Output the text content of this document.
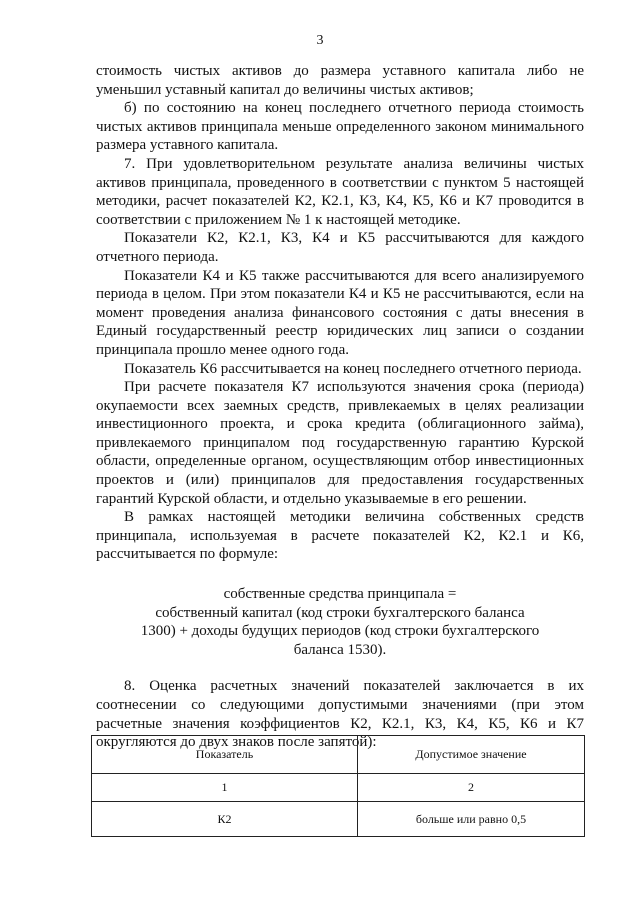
3

стоимость чистых активов до размера уставного капитала либо не уменьшил уставный капитал до величины чистых активов;

б) по состоянию на конец последнего отчетного периода стоимость чистых активов принципала меньше определенного законом минимального размера уставного капитала.

7. При удовлетворительном результате анализа величины чистых активов принципала, проведенного в соответствии с пунктом 5 настоящей методики, расчет показателей К2, К2.1, К3, К4, К5, К6 и К7 проводится в соответствии с приложением № 1 к настоящей методике.

Показатели К2, К2.1, К3, К4 и К5 рассчитываются для каждого отчетного периода.

Показатели К4 и К5 также рассчитываются для всего анализируемого периода в целом. При этом показатели К4 и К5 не рассчитываются, если на момент проведения анализа финансового состояния с даты внесения в Единый государственный реестр юридических лиц записи о создании принципала прошло менее одного года.

Показатель К6 рассчитывается на конец последнего отчетного периода.

При расчете показателя К7 используются значения срока (периода) окупаемости всех заемных средств, привлекаемых в целях реализации инвестиционного проекта, и срока кредита (облигационного займа), привлекаемого принципалом под государственную гарантию Курской области, определенные органом, осуществляющим отбор инвестиционных проектов и (или) принципалов для предоставления государственных гарантий Курской области, и отдельно указываемые в его решении.

В рамках настоящей методики величина собственных средств принципала, используемая в расчете показателей К2, К2.1 и К6, рассчитывается по формуле:

собственные средства принципала =
собственный капитал (код строки бухгалтерского баланса
1300) + доходы будущих периодов (код строки бухгалтерского
баланса 1530).

8. Оценка расчетных значений показателей заключается в их соотнесении со следующими допустимыми значениями (при этом расчетные значения коэффициентов К2, К2.1, К3, К4, К5, К6 и К7 округляются до двух знаков после запятой):

Показатель	Допустимое значение
1	2
К2	больше или равно 0,5
